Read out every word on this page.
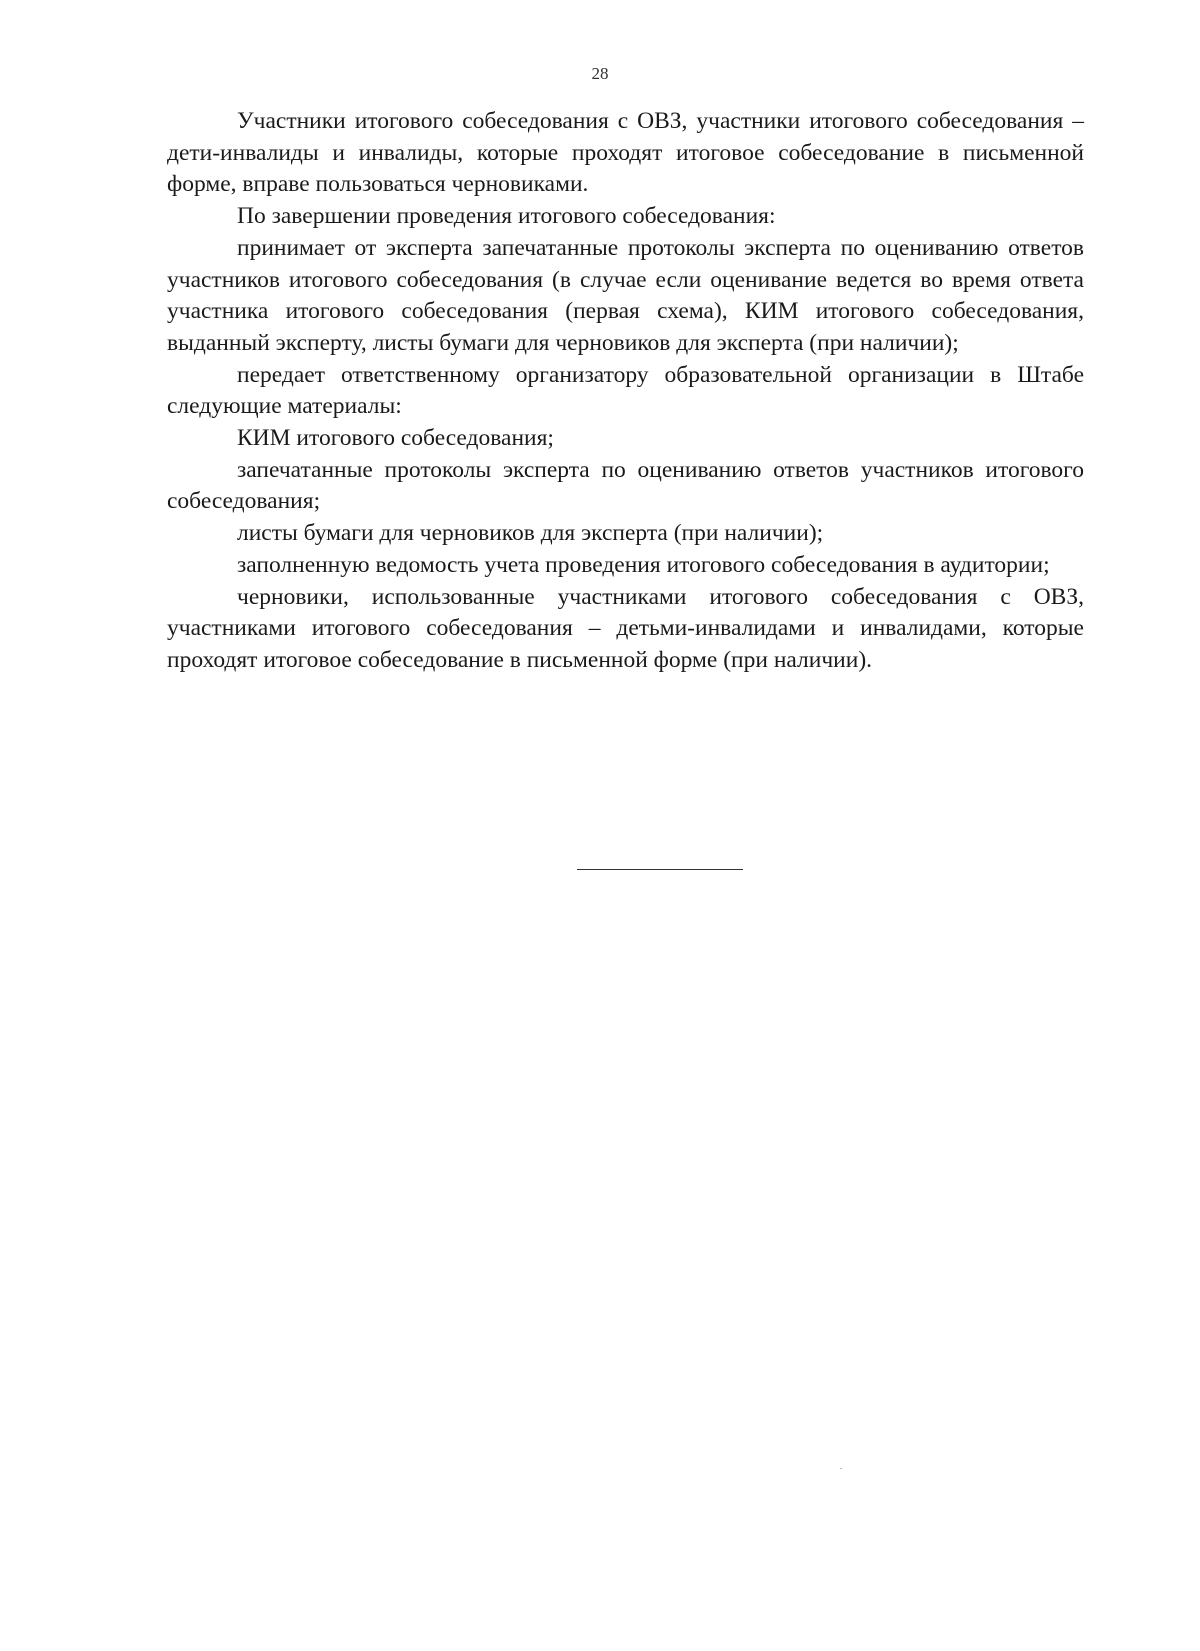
28

Участники итогового собеседования с ОВЗ, участники итогового собеседования – дети-инвалиды и инвалиды, которые проходят итоговое собеседование в письменной форме, вправе пользоваться черновиками.

По завершении проведения итогового собеседования:

принимает от эксперта запечатанные протоколы эксперта по оцениванию ответов участников итогового собеседования (в случае если оценивание ведется во время ответа участника итогового собеседования (первая схема), КИМ итогового собеседования, выданный эксперту, листы бумаги для черновиков для эксперта (при наличии);

передает ответственному организатору образовательной организации в Штабе следующие материалы:

КИМ итогового собеседования;

запечатанные протоколы эксперта по оцениванию ответов участников итогового собеседования;

листы бумаги для черновиков для эксперта (при наличии);

заполненную ведомость учета проведения итогового собеседования в аудитории;

черновики, использованные участниками итогового собеседования с ОВЗ, участниками итогового собеседования – детьми-инвалидами и инвалидами, которые проходят итоговое собеседование в письменной форме (при наличии).
